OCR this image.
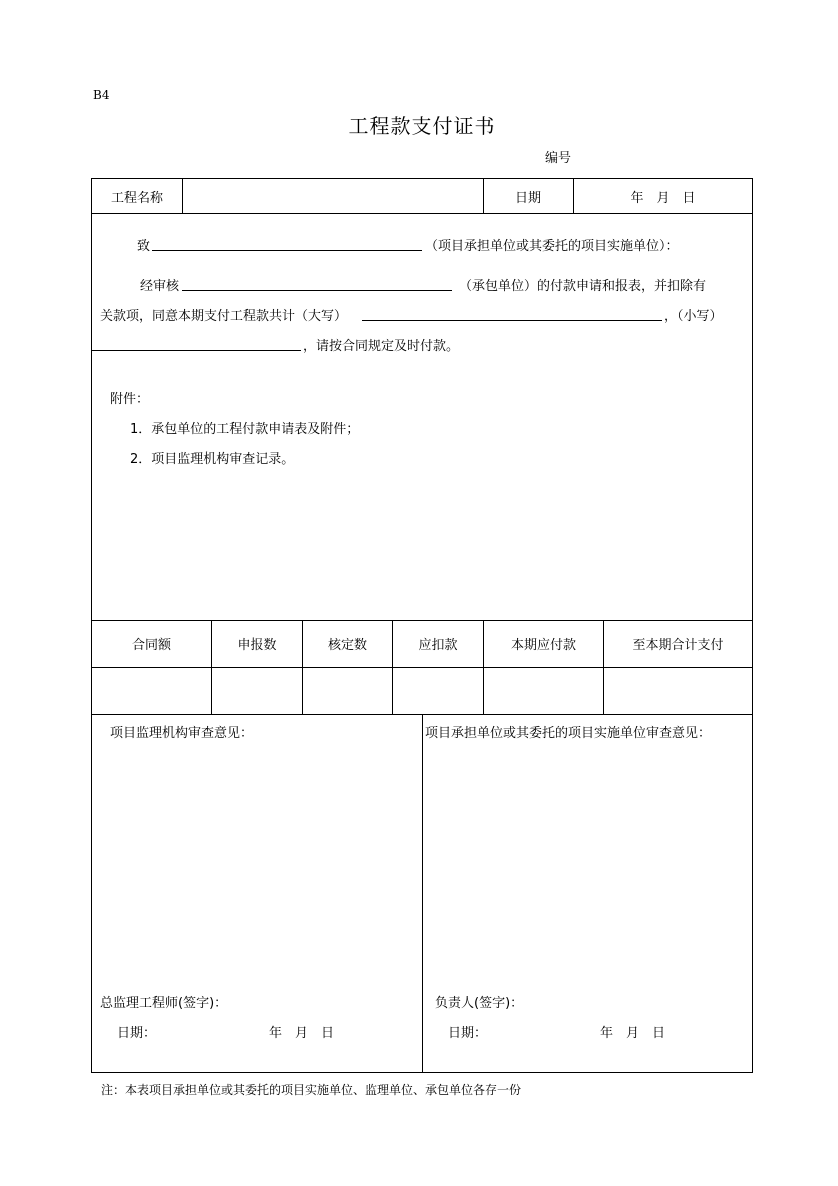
B4
工程款支付证书
编号
工程名称	日期	年　月　日
致	（项目承担单位或其委托的项目实施单位）：
经审核	（承包单位）的付款申请和报表，并扣除有
关款项，同意本期支付工程款共计（大写）	，（小写）
，请按合同规定及时付款。
附件：
1．承包单位的工程付款申请表及附件；
2．项目监理机构审查记录。
合同额	申报数	核定数	应扣款	本期应付款	至本期合计支付
项目监理机构审查意见：
总监理工程师(签字)：
日期：	年　月　日
项目承担单位或其委托的项目实施单位审查意见：
负责人(签字)：
日期：	年　月　日
注：本表项目承担单位或其委托的项目实施单位、监理单位、承包单位各存一份
